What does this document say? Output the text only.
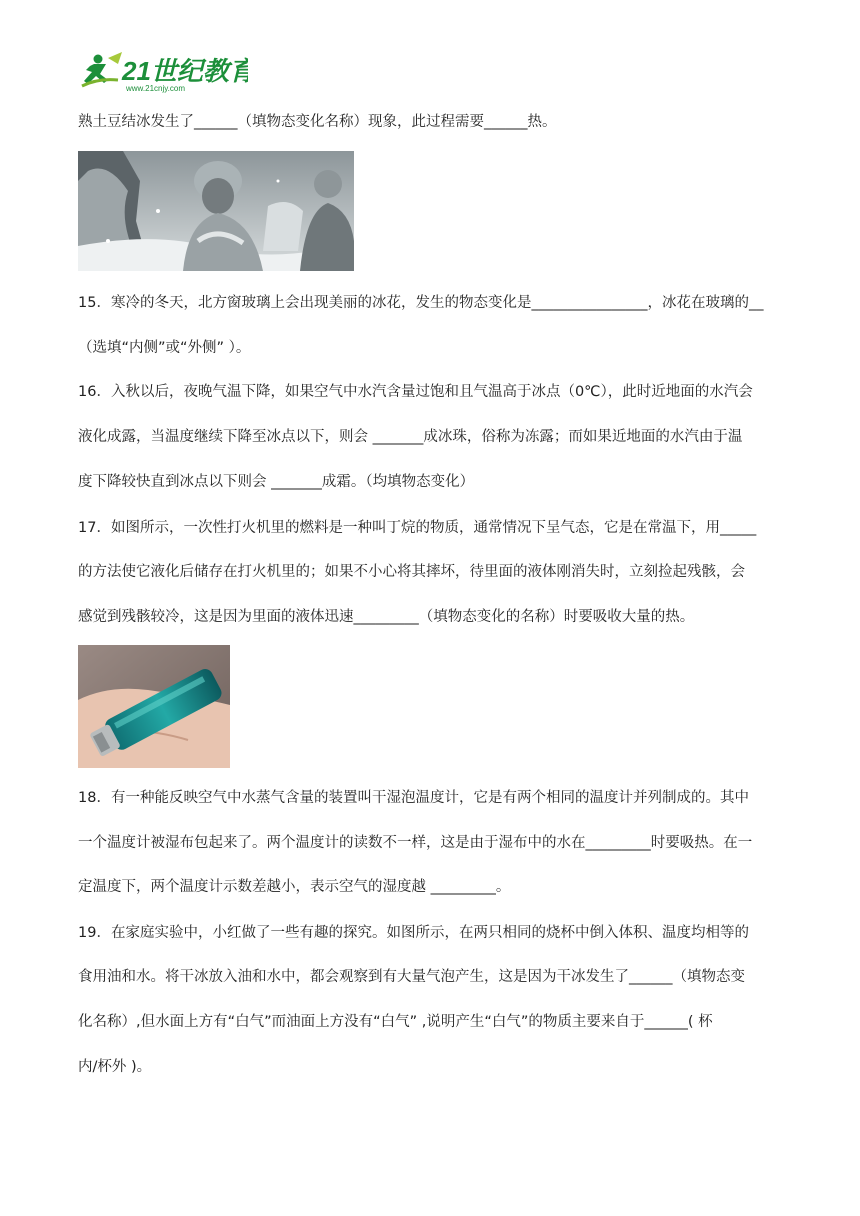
21世纪教育
www.21cnjy.com
熟土豆结冰发生了______（填物态变化名称）现象，此过程需要______热。
15．寒冷的冬天，北方窗玻璃上会出现美丽的冰花，发生的物态变化是________________，冰花在玻璃的__
（选填“内侧”或“外侧” ）。
16．入秋以后，夜晚气温下降，如果空气中水汽含量过饱和且气温高于冰点（0℃），此时近地面的水汽会
液化成露，当温度继续下降至冰点以下，则会 _______成冰珠，俗称为冻露；而如果近地面的水汽由于温
度下降较快直到冰点以下则会 _______成霜。（均填物态变化）
17．如图所示，一次性打火机里的燃料是一种叫丁烷的物质，通常情况下呈气态，它是在常温下，用_____
的方法使它液化后储存在打火机里的；如果不小心将其摔坏，待里面的液体刚消失时，立刻捡起残骸，会
感觉到残骸较冷，这是因为里面的液体迅速_________（填物态变化的名称）时要吸收大量的热。
18．有一种能反映空气中水蒸气含量的装置叫干湿泡温度计，它是有两个相同的温度计并列制成的。其中
一个温度计被湿布包起来了。两个温度计的读数不一样，这是由于湿布中的水在_________时要吸热。在一
定温度下，两个温度计示数差越小，表示空气的湿度越 _________。
19．在家庭实验中，小红做了一些有趣的探究。如图所示，在两只相同的烧杯中倒入体积、温度均相等的
食用油和水。将干冰放入油和水中，都会观察到有大量气泡产生，这是因为干冰发生了______（填物态变
化名称）,但水面上方有“白气”而油面上方没有“白气” ,说明产生“白气”的物质主要来自于______( 杯
内/杯外 )。
